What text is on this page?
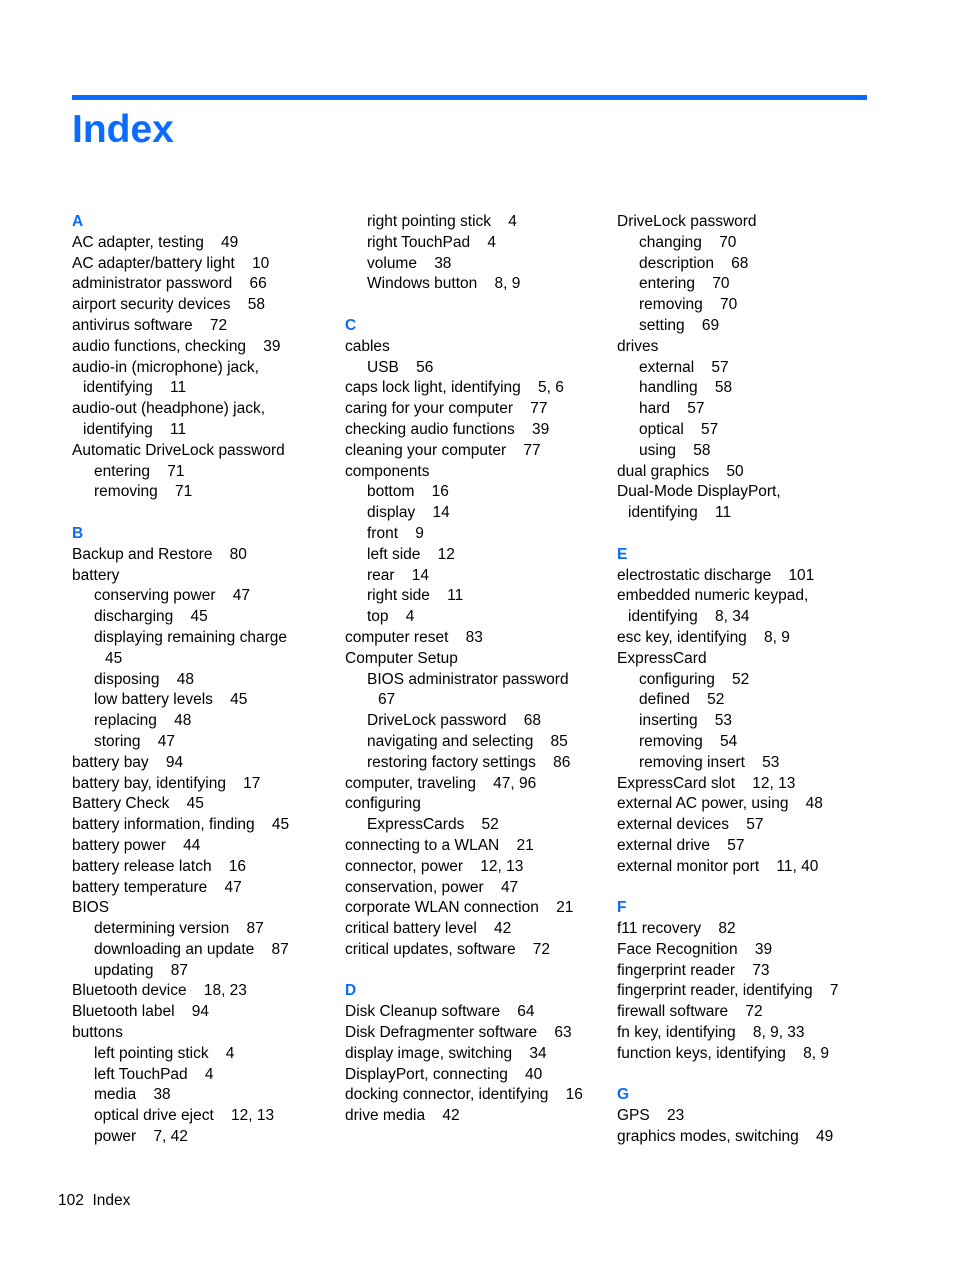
Index
A
AC adapter, testing    49
AC adapter/battery light    10
administrator password    66
airport security devices    58
antivirus software    72
audio functions, checking    39
audio-in (microphone) jack,
identifying    11
audio-out (headphone) jack,
identifying    11
Automatic DriveLock password
entering    71
removing    71
B
Backup and Restore    80
battery
conserving power    47
discharging    45
displaying remaining charge
45
disposing    48
low battery levels    45
replacing    48
storing    47
battery bay    94
battery bay, identifying    17
Battery Check    45
battery information, finding    45
battery power    44
battery release latch    16
battery temperature    47
BIOS
determining version    87
downloading an update    87
updating    87
Bluetooth device    18, 23
Bluetooth label    94
buttons
left pointing stick    4
left TouchPad    4
media    38
optical drive eject    12, 13
power    7, 42
right pointing stick    4
right TouchPad    4
volume    38
Windows button    8, 9
C
cables
USB    56
caps lock light, identifying    5, 6
caring for your computer    77
checking audio functions    39
cleaning your computer    77
components
bottom    16
display    14
front    9
left side    12
rear    14
right side    11
top    4
computer reset    83
Computer Setup
BIOS administrator password
67
DriveLock password    68
navigating and selecting    85
restoring factory settings    86
computer, traveling    47, 96
configuring
ExpressCards    52
connecting to a WLAN    21
connector, power    12, 13
conservation, power    47
corporate WLAN connection    21
critical battery level    42
critical updates, software    72
D
Disk Cleanup software    64
Disk Defragmenter software    63
display image, switching    34
DisplayPort, connecting    40
docking connector, identifying    16
drive media    42
DriveLock password
changing    70
description    68
entering    70
removing    70
setting    69
drives
external    57
handling    58
hard    57
optical    57
using    58
dual graphics    50
Dual-Mode DisplayPort,
identifying    11
E
electrostatic discharge    101
embedded numeric keypad,
identifying    8, 34
esc key, identifying    8, 9
ExpressCard
configuring    52
defined    52
inserting    53
removing    54
removing insert    53
ExpressCard slot    12, 13
external AC power, using    48
external devices    57
external drive    57
external monitor port    11, 40
F
f11 recovery    82
Face Recognition    39
fingerprint reader    73
fingerprint reader, identifying    7
firewall software    72
fn key, identifying    8, 9, 33
function keys, identifying    8, 9
G
GPS    23
graphics modes, switching    49
102 Index
